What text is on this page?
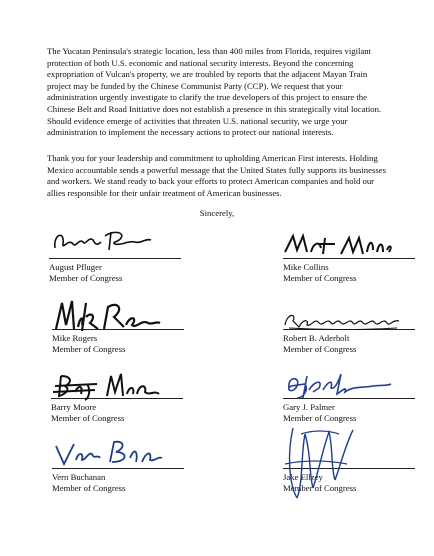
The Yucatan Peninsula's strategic location, less than 400 miles from Florida, requires vigilant protection of both U.S. economic and national security interests. Beyond the concerning expropriation of Vulcan's property, we are troubled by reports that the adjacent Mayan Train project may be funded by the Chinese Communist Party (CCP). We request that your administration urgently investigate to clarify the true developers of this project to ensure the Chinese Belt and Road Initiative does not establish a presence in this strategically vital location. Should evidence emerge of activities that threaten U.S. national security, we urge your administration to implement the necessary actions to protect our national interests.

Thank you for your leadership and commitment to upholding American First interests. Holding Mexico accountable sends a powerful message that the United States fully supports its businesses and workers. We stand ready to back your efforts to protect American companies and hold our allies responsible for their unfair treatment of American businesses.

Sincerely,
August Pfluger
Member of Congress
Mike Collins
Member of Congress
Mike Rogers
Member of Congress
Robert B. Aderholt
Member of Congress
Barry Moore
Member of Congress
Gary J. Palmer
Member of Congress
Vern Buchanan
Member of Congress
Jake Ellzey
Member of Congress
